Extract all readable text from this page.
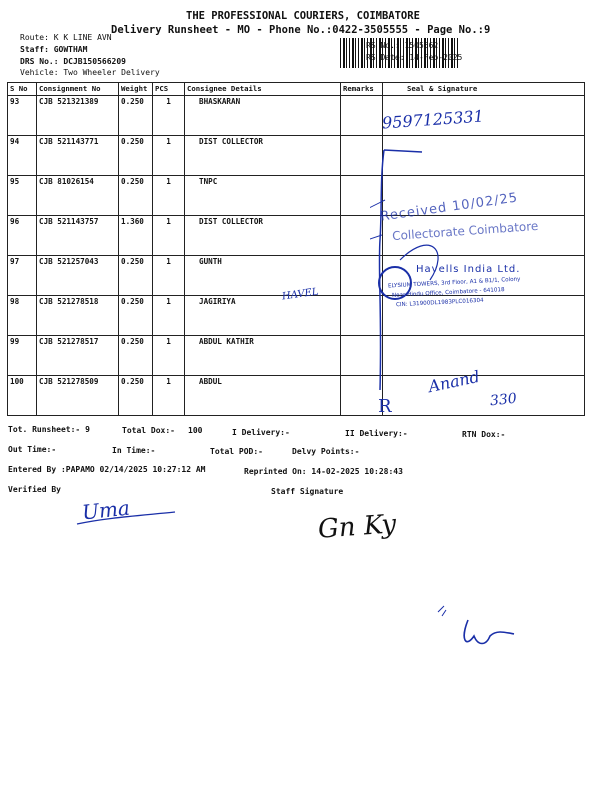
THE PROFESSIONAL COURIERS, COIMBATORE
Delivery Runsheet - MO - Phone No.:0422-3505555 - Page No.:9
Route: K K LINE AVN
Staff: GOWTHAM
DRS No.: DCJB150566209
Vehicle: Two Wheeler Delivery
RS No.: 1505662
RS Date: 14-Feb-2025
S No	Consignment No	Weight	PCS	Consignee Details	Remarks	Seal & Signature
93	CJB 521321389	0.250	1	BHASKARAN		
94	CJB 521143771	0.250	1	DIST COLLECTOR		
95	CJB 81026154	0.250	1	TNPC		
96	CJB 521143757	1.360	1	DIST COLLECTOR		
97	CJB 521257043	0.250	1	GUNTH		
98	CJB 521278518	0.250	1	JAGIRIYA		
99	CJB 521278517	0.250	1	ABDUL KATHIR		
100	CJB 521278509	0.250	1	ABDUL		
9597125331
Received 10/02/25
Collectorate Coimbatore
Havells India Ltd.
ELYSIUM TOWERS, 3rd Floor, A1 & B1/1, Colony
Near Hindu Office, Coimbatore - 641018
CIN: L31900DL1983PLC016304
HAVEL
Anand
330
R
Tot. Runsheet:- 9	Total Dox:- 100	I Delivery:-	II Delivery:-	RTN Dox:-
Out Time:-	In Time:-	Total POD:-	Delvy Points:-
Entered By :PAPAMO 02/14/2025 10:27:12 AM	Reprinted On: 14-02-2025 10:28:43
Verified By	Staff Signature
Uma	Gn Ky
